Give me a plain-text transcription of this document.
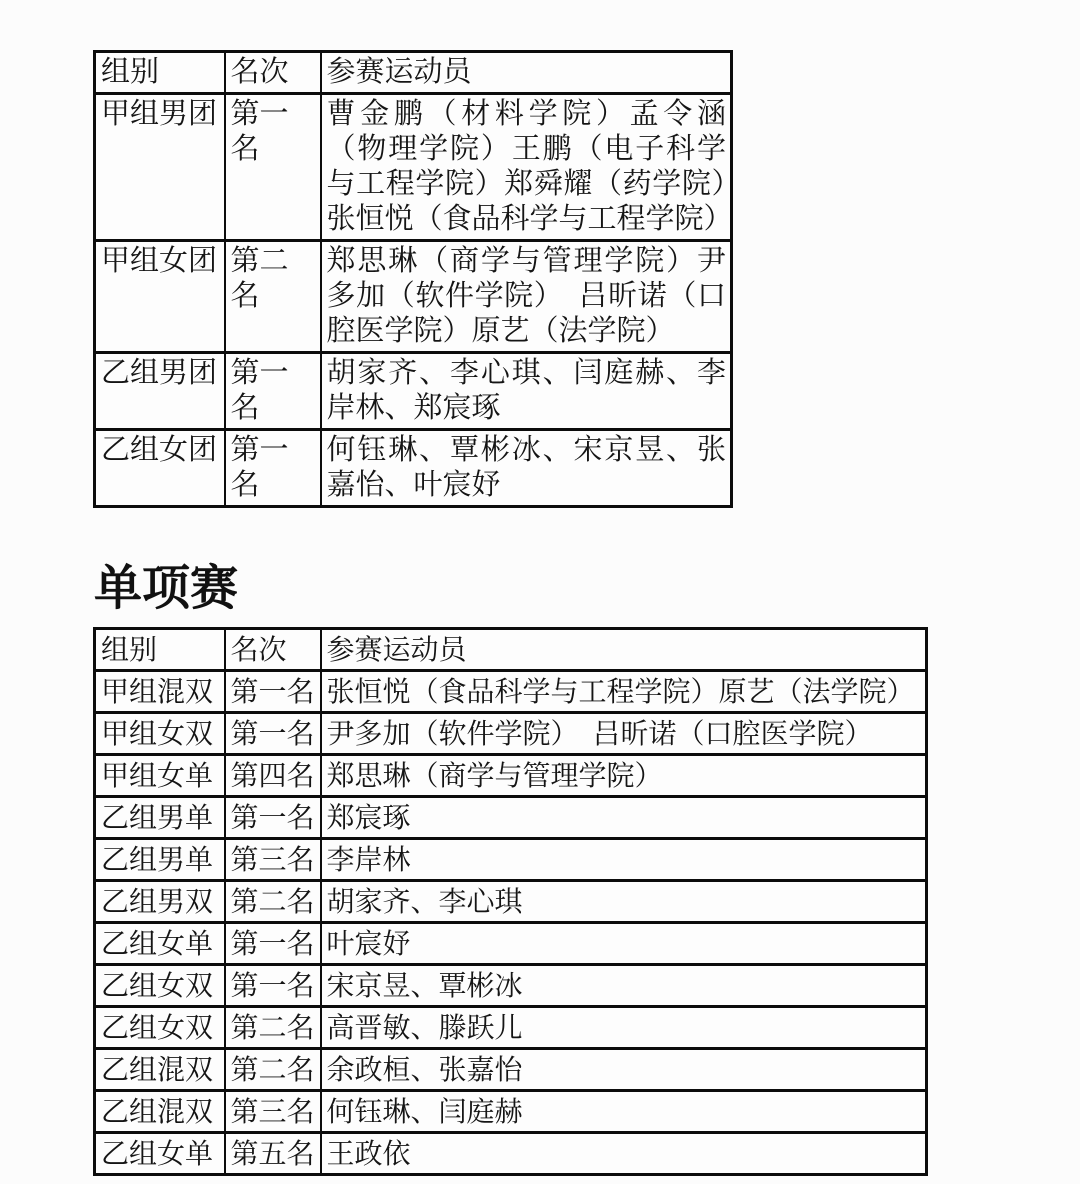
组别	名次	参赛运动员
甲组男团	第一名	曹金鹏（材料学院）孟令涵（物理学院）王鹏（电子科学与工程学院）郑舜耀（药学院）张恒悦（食品科学与工程学院）
甲组女团	第二名	郑思琳（商学与管理学院）尹多加（软件学院）　吕昕诺（口腔医学院）原艺（法学院）
乙组男团	第一名	胡家齐、李心琪、闫庭赫、李岸林、郑宸琢
乙组女团	第一名	何钰琳、覃彬冰、宋京昱、张嘉怡、叶宸妤
单项赛
组别	名次	参赛运动员
甲组混双	第一名	张恒悦（食品科学与工程学院）原艺（法学院）
甲组女双	第一名	尹多加（软件学院）　吕昕诺（口腔医学院）
甲组女单	第四名	郑思琳（商学与管理学院）
乙组男单	第一名	郑宸琢
乙组男单	第三名	李岸林
乙组男双	第二名	胡家齐、李心琪
乙组女单	第一名	叶宸妤
乙组女双	第一名	宋京昱、覃彬冰
乙组女双	第二名	高晋敏、滕跃儿
乙组混双	第二名	余政桓、张嘉怡
乙组混双	第三名	何钰琳、闫庭赫
乙组女单	第五名	王政依
